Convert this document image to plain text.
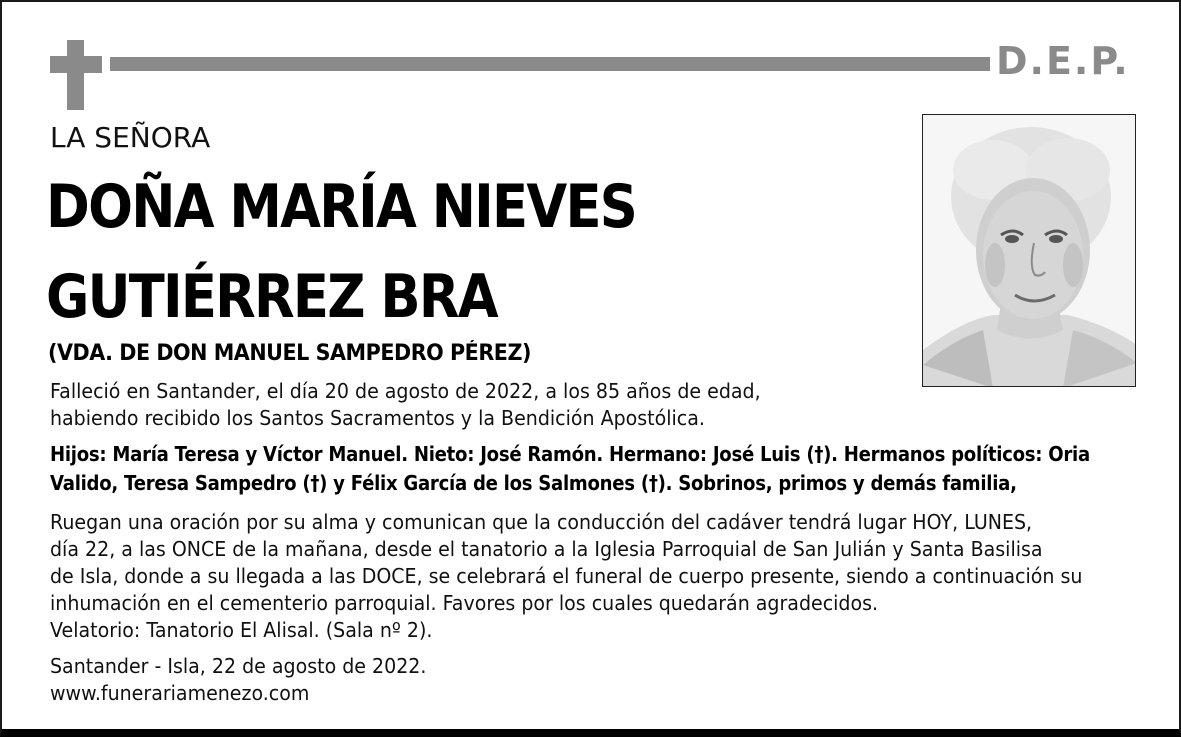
D.E.P.
LA SEÑORA
DOÑA MARÍA NIEVES
GUTIÉRREZ BRA
(VDA. DE DON MANUEL SAMPEDRO PÉREZ)
Falleció en Santander, el día 20 de agosto de 2022, a los 85 años de edad,
habiendo recibido los Santos Sacramentos y la Bendición Apostólica.
Hijos: María Teresa y Víctor Manuel. Nieto: José Ramón. Hermano: José Luis (†). Hermanos políticos: Oria
Valido, Teresa Sampedro (†) y Félix García de los Salmones (†). Sobrinos, primos y demás familia,
Ruegan una oración por su alma y comunican que la conducción del cadáver tendrá lugar HOY, LUNES,
día 22, a las ONCE de la mañana, desde el tanatorio a la Iglesia Parroquial de San Julián y Santa Basilisa
de Isla, donde a su llegada a las DOCE, se celebrará el funeral de cuerpo presente, siendo a continuación su
inhumación en el cementerio parroquial. Favores por los cuales quedarán agradecidos.
Velatorio: Tanatorio El Alisal. (Sala nº 2).
Santander - Isla, 22 de agosto de 2022.
www.funerariamenezo.com
